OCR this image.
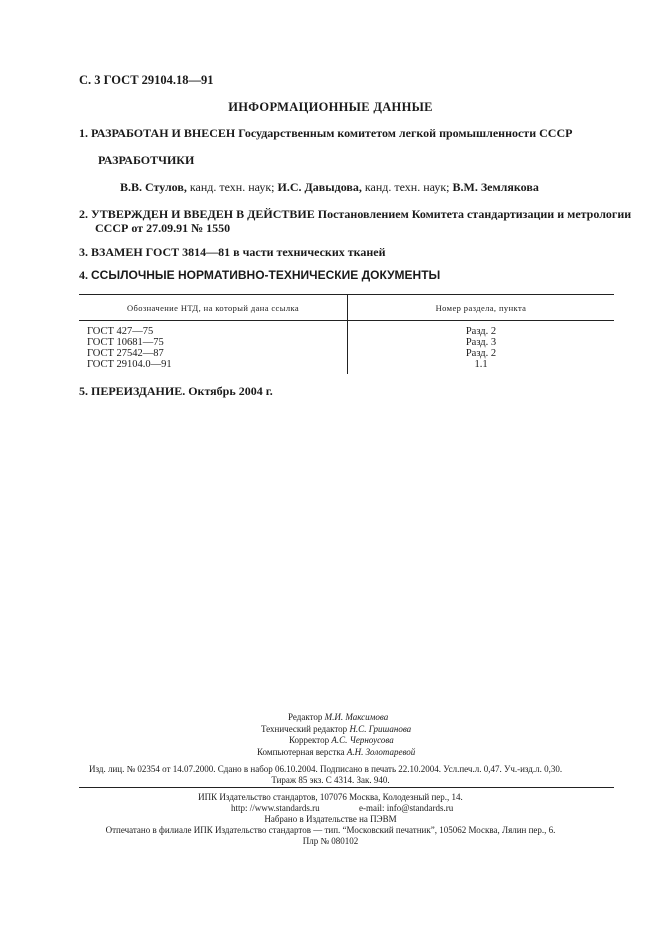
С. 3 ГОСТ 29104.18—91
ИНФОРМАЦИОННЫЕ ДАННЫЕ
1. РАЗРАБОТАН И ВНЕСЕН Государственным комитетом легкой промышленности СССР
РАЗРАБОТЧИКИ
В.В. Стулов, канд. техн. наук; И.С. Давыдова, канд. техн. наук; В.М. Землякова
2. УТВЕРЖДЕН И ВВЕДЕН В ДЕЙСТВИЕ Постановлением Комитета стандартизации и метрологии
СССР от 27.09.91 № 1550
3. ВЗАМЕН ГОСТ 3814—81 в части технических тканей
4. ССЫЛОЧНЫЕ НОРМАТИВНО-ТЕХНИЧЕСКИЕ ДОКУМЕНТЫ
Обозначение НТД, на который дана ссылка	Номер раздела, пункта
ГОСТ 427—75	Разд. 2
ГОСТ 10681—75	Разд. 3
ГОСТ 27542—87	Разд. 2
ГОСТ 29104.0—91	1.1
5. ПЕРЕИЗДАНИЕ. Октябрь 2004 г.
Редактор М.И. Максимова
Технический редактор Н.С. Гришанова
Корректор А.С. Черноусова
Компьютерная верстка А.Н. Золотаревой
Изд. лиц. № 02354 от 14.07.2000. Сдано в набор 06.10.2004. Подписано в печать 22.10.2004. Усл.печ.л. 0,47. Уч.-изд.л. 0,30.
Тираж 85 экз. С 4314. Зак. 940.
ИПК Издательство стандартов, 107076 Москва, Колодезный пер., 14.
http: //www.standards.ru	e-mail: info@standards.ru
Набрано в Издательстве на ПЭВМ
Отпечатано в филиале ИПК Издательство стандартов — тип. “Московский печатник”, 105062 Москва, Лялин пер., 6.
Плр № 080102
